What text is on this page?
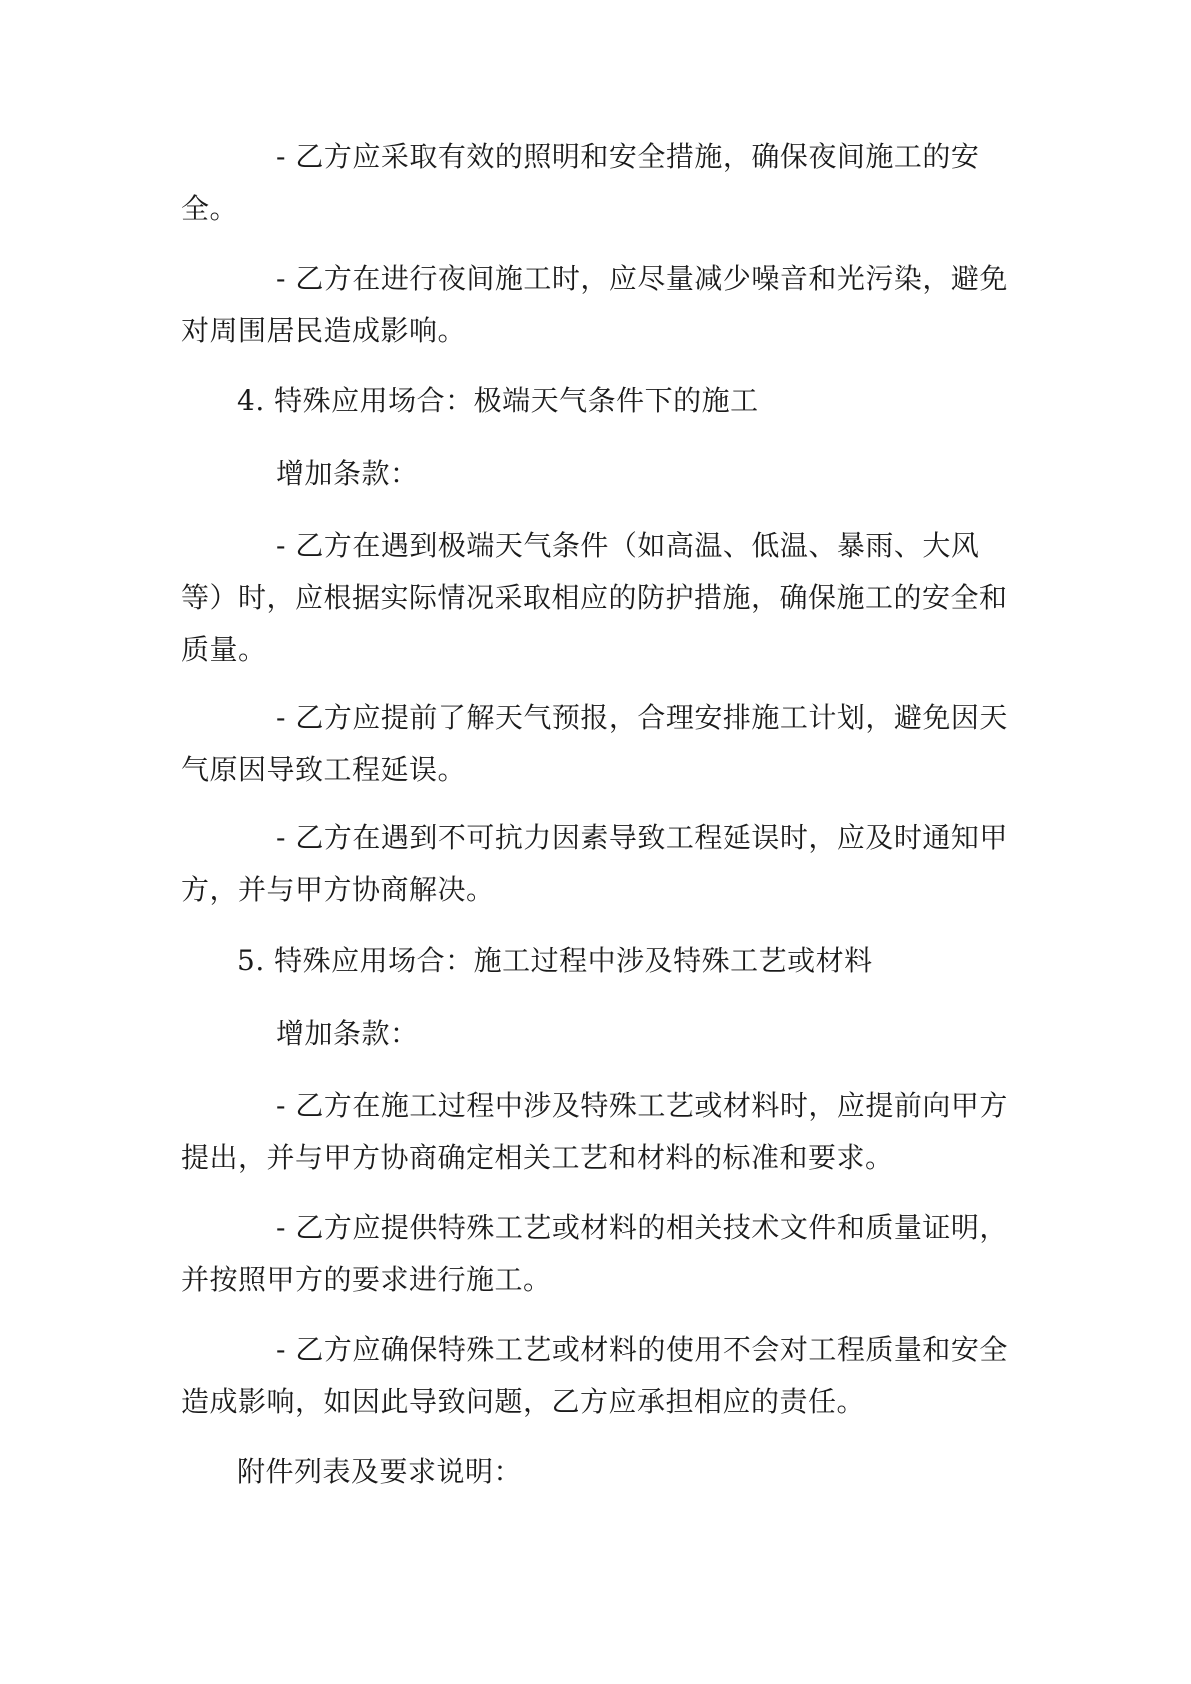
- 乙方应采取有效的照明和安全措施，确保夜间施工的安全。

- 乙方在进行夜间施工时，应尽量减少噪音和光污染，避免对周围居民造成影响。

4. 特殊应用场合：极端天气条件下的施工

增加条款：

- 乙方在遇到极端天气条件（如高温、低温、暴雨、大风等）时，应根据实际情况采取相应的防护措施，确保施工的安全和质量。

- 乙方应提前了解天气预报，合理安排施工计划，避免因天气原因导致工程延误。

- 乙方在遇到不可抗力因素导致工程延误时，应及时通知甲方，并与甲方协商解决。

5. 特殊应用场合：施工过程中涉及特殊工艺或材料

增加条款：

- 乙方在施工过程中涉及特殊工艺或材料时，应提前向甲方提出，并与甲方协商确定相关工艺和材料的标准和要求。

- 乙方应提供特殊工艺或材料的相关技术文件和质量证明，并按照甲方的要求进行施工。

- 乙方应确保特殊工艺或材料的使用不会对工程质量和安全造成影响，如因此导致问题，乙方应承担相应的责任。

附件列表及要求说明：
